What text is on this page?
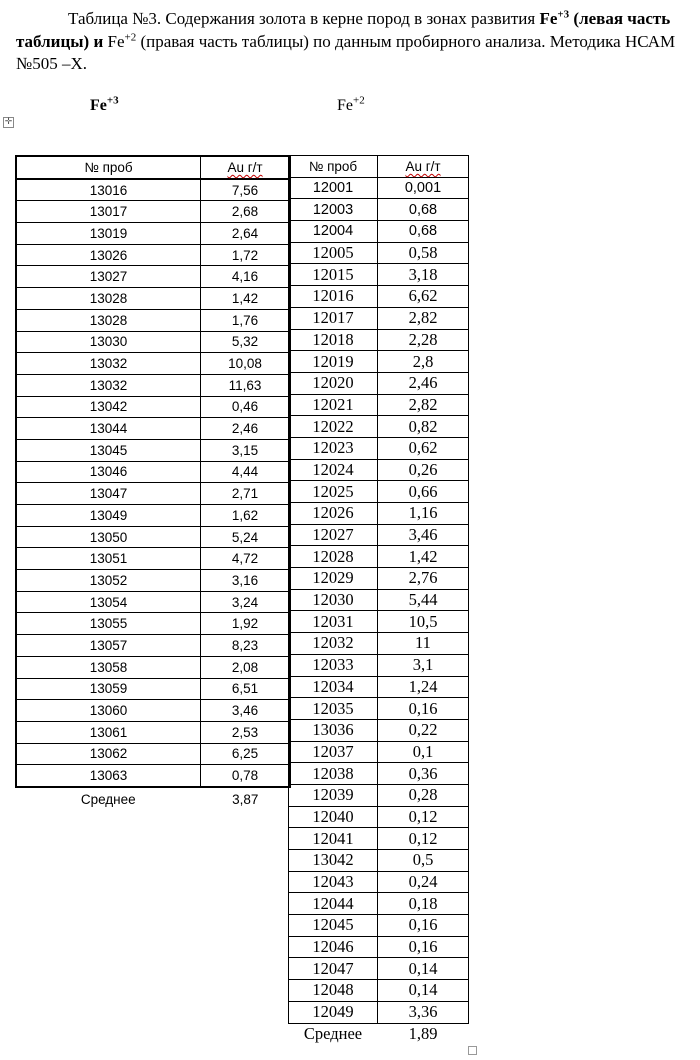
Таблица №3. Содержания золота в керне пород в зонах развития $Fe^{+3}$ (левая часть таблицы) и $Fe^{+2}$ (правая часть таблицы) по данным пробирного анализа. Методика НСАМ №505 –Х.

$Fe^{+3}$	$Fe^{+2}$
✛
№ проб	Au г/т
13016	7,56
13017	2,68
13019	2,64
13026	1,72
13027	4,16
13028	1,42
13028	1,76
13030	5,32
13032	10,08
13032	11,63
13042	0,46
13044	2,46
13045	3,15
13046	4,44
13047	2,71
13049	1,62
13050	5,24
13051	4,72
13052	3,16
13054	3,24
13055	1,92
13057	8,23
13058	2,08
13059	6,51
13060	3,46
13061	2,53
13062	6,25
13063	0,78
Среднее	3,87
№ проб	Au г/т
12001	0,001
12003	0,68
12004	0,68
12005	0,58
12015	3,18
12016	6,62
12017	2,82
12018	2,28
12019	2,8
12020	2,46
12021	2,82
12022	0,82
12023	0,62
12024	0,26
12025	0,66
12026	1,16
12027	3,46
12028	1,42
12029	2,76
12030	5,44
12031	10,5
12032	11
12033	3,1
12034	1,24
12035	0,16
13036	0,22
12037	0,1
12038	0,36
12039	0,28
12040	0,12
12041	0,12
13042	0,5
12043	0,24
12044	0,18
12045	0,16
12046	0,16
12047	0,14
12048	0,14
12049	3,36
Среднее	1,89
